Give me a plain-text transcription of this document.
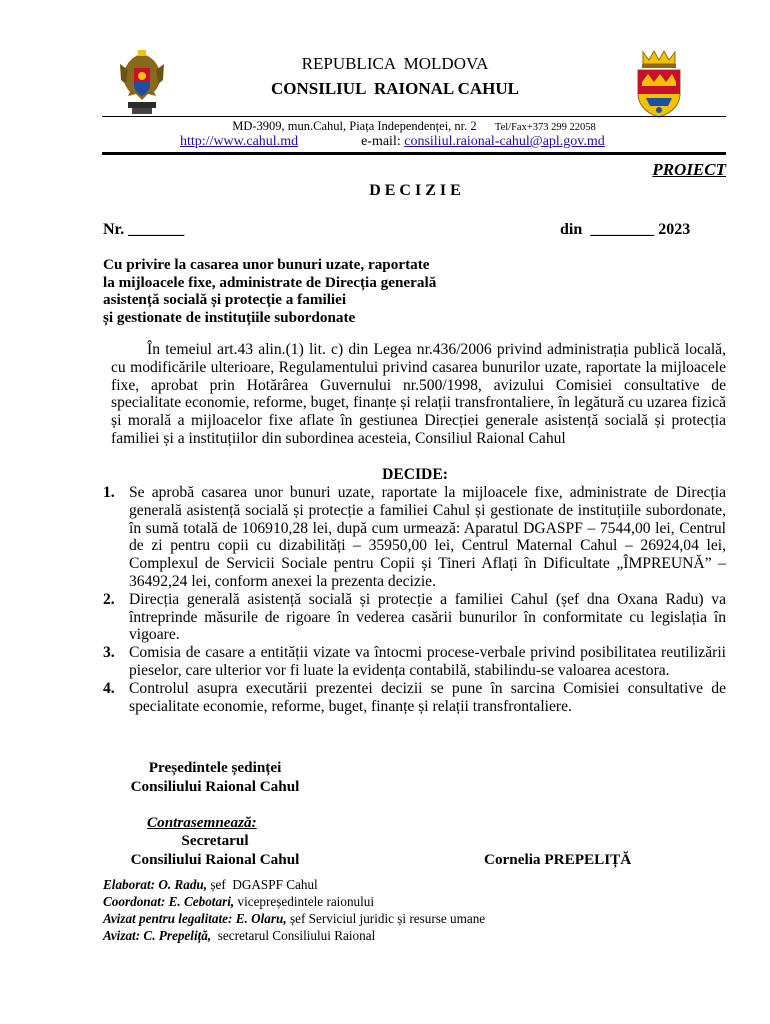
REPUBLICA  MOLDOVA
CONSILIUL  RAIONAL CAHUL
MD-3909, mun.Cahul, Piața Independenței, nr. 2 Tel/Fax+373 299 22058
http://www.cahul.md	e-mail: consiliul.raional-cahul@apl.gov.md
PROIECT
D E C I Z I E
Nr. _______	din  ________ 2023
Cu privire la casarea unor bunuri uzate, raportate
la mijloacele fixe, administrate de Direcția generală
asistență socială și protecție a familiei
și gestionate de instituțiile subordonate
În temeiul art.43 alin.(1) lit. c) din Legea nr.436/2006 privind administrația publică locală, cu modificările ulterioare, Regulamentului privind casarea bunurilor uzate, raportate la mijloacele fixe, aprobat prin Hotărârea Guvernului nr.500/1998, avizului Comisiei consultative de specialitate economie, reforme, buget, finanțe și relații transfrontaliere, în legătură cu uzarea fizică și morală a mijloacelor fixe aflate în gestiunea Direcției generale asistență socială și protecția familiei și a instituțiilor din subordinea acesteia, Consiliul Raional Cahul
DECIDE:
1. Se aprobă casarea unor bunuri uzate, raportate la mijloacele fixe, administrate de Direcția generală asistență socială și protecție a familiei Cahul și gestionate de instituțiile subordonate, în sumă totală de 106910,28 lei, după cum urmează: Aparatul DGASPF – 7544,00 lei, Centrul de zi pentru copii cu dizabilități – 35950,00 lei, Centrul Maternal Cahul – 26924,04 lei, Complexul de Servicii Sociale pentru Copii și Tineri Aflați în Dificultate „ÎMPREUNĂ” – 36492,24 lei, conform anexei la prezenta decizie.
2. Direcția generală asistență socială și protecție a familiei Cahul (șef dna Oxana Radu) va întreprinde măsurile de rigoare în vederea casării bunurilor în conformitate cu legislația în vigoare.
3. Comisia de casare a entității vizate va întocmi procese-verbale privind posibilitatea reutilizării pieselor, care ulterior vor fi luate la evidența contabilă, stabilindu-se valoarea acestora.
4. Controlul asupra executării prezentei decizii se pune în sarcina Comisiei consultative de specialitate economie, reforme, buget, finanțe și relații transfrontaliere.
Președintele ședinței
Consiliului Raional Cahul
Contrasemnează:
Secretarul
Consiliului Raional Cahul	Cornelia PREPELIȚĂ
Elaborat: O. Radu, șef  DGASPF Cahul
Coordonat: E. Cebotari, vicepreședintele raionului
Avizat pentru legalitate: E. Olaru, șef Serviciul juridic și resurse umane
Avizat: C. Prepeliță,  secretarul Consiliului Raional
